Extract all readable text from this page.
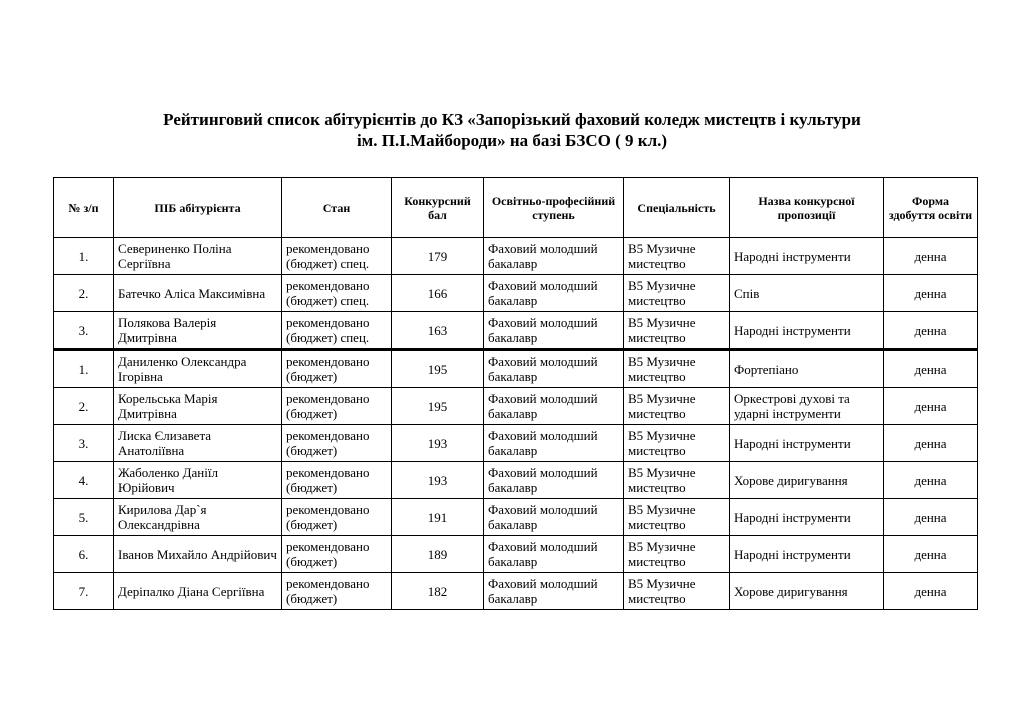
Рейтинговий список абітурієнтів до КЗ «Запорізький фаховий коледж мистецтв і культури
ім. П.І.Майбороди» на базі БЗСО ( 9 кл.)
№ з/п	ПІБ абітурієнта	Стан	Конкурсний бал	Освітньо-професійний ступень	Спеціальність	Назва конкурсної пропозиції	Форма здобуття освіти
1.	Севериненко Поліна Сергіївна	рекомендовано (бюджет) спец.	179	Фаховий молодший бакалавр	В5 Музичне мистецтво	Народні інструменти	денна
2.	Батечко Аліса Максимівна	рекомендовано (бюджет) спец.	166	Фаховий молодший бакалавр	В5 Музичне мистецтво	Спів	денна
3.	Полякова Валерія Дмитрівна	рекомендовано (бюджет) спец.	163	Фаховий молодший бакалавр	В5 Музичне мистецтво	Народні інструменти	денна
1.	Даниленко Олександра Ігорівна	рекомендовано (бюджет)	195	Фаховий молодший бакалавр	В5 Музичне мистецтво	Фортепіано	денна
2.	Корельська Марія Дмитрівна	рекомендовано (бюджет)	195	Фаховий молодший бакалавр	В5 Музичне мистецтво	Оркестрові духові та ударні інструменти	денна
3.	Лиска Єлизавета Анатоліївна	рекомендовано (бюджет)	193	Фаховий молодший бакалавр	В5 Музичне мистецтво	Народні інструменти	денна
4.	Жаболенко Даніїл Юрійович	рекомендовано (бюджет)	193	Фаховий молодший бакалавр	В5 Музичне мистецтво	Хорове диригування	денна
5.	Кирилова Дар`я Олександрівна	рекомендовано (бюджет)	191	Фаховий молодший бакалавр	В5 Музичне мистецтво	Народні інструменти	денна
6.	Іванов Михайло Андрійович	рекомендовано (бюджет)	189	Фаховий молодший бакалавр	В5 Музичне мистецтво	Народні інструменти	денна
7.	Деріпалко Діана Сергіївна	рекомендовано (бюджет)	182	Фаховий молодший бакалавр	В5 Музичне мистецтво	Хорове диригування	денна
